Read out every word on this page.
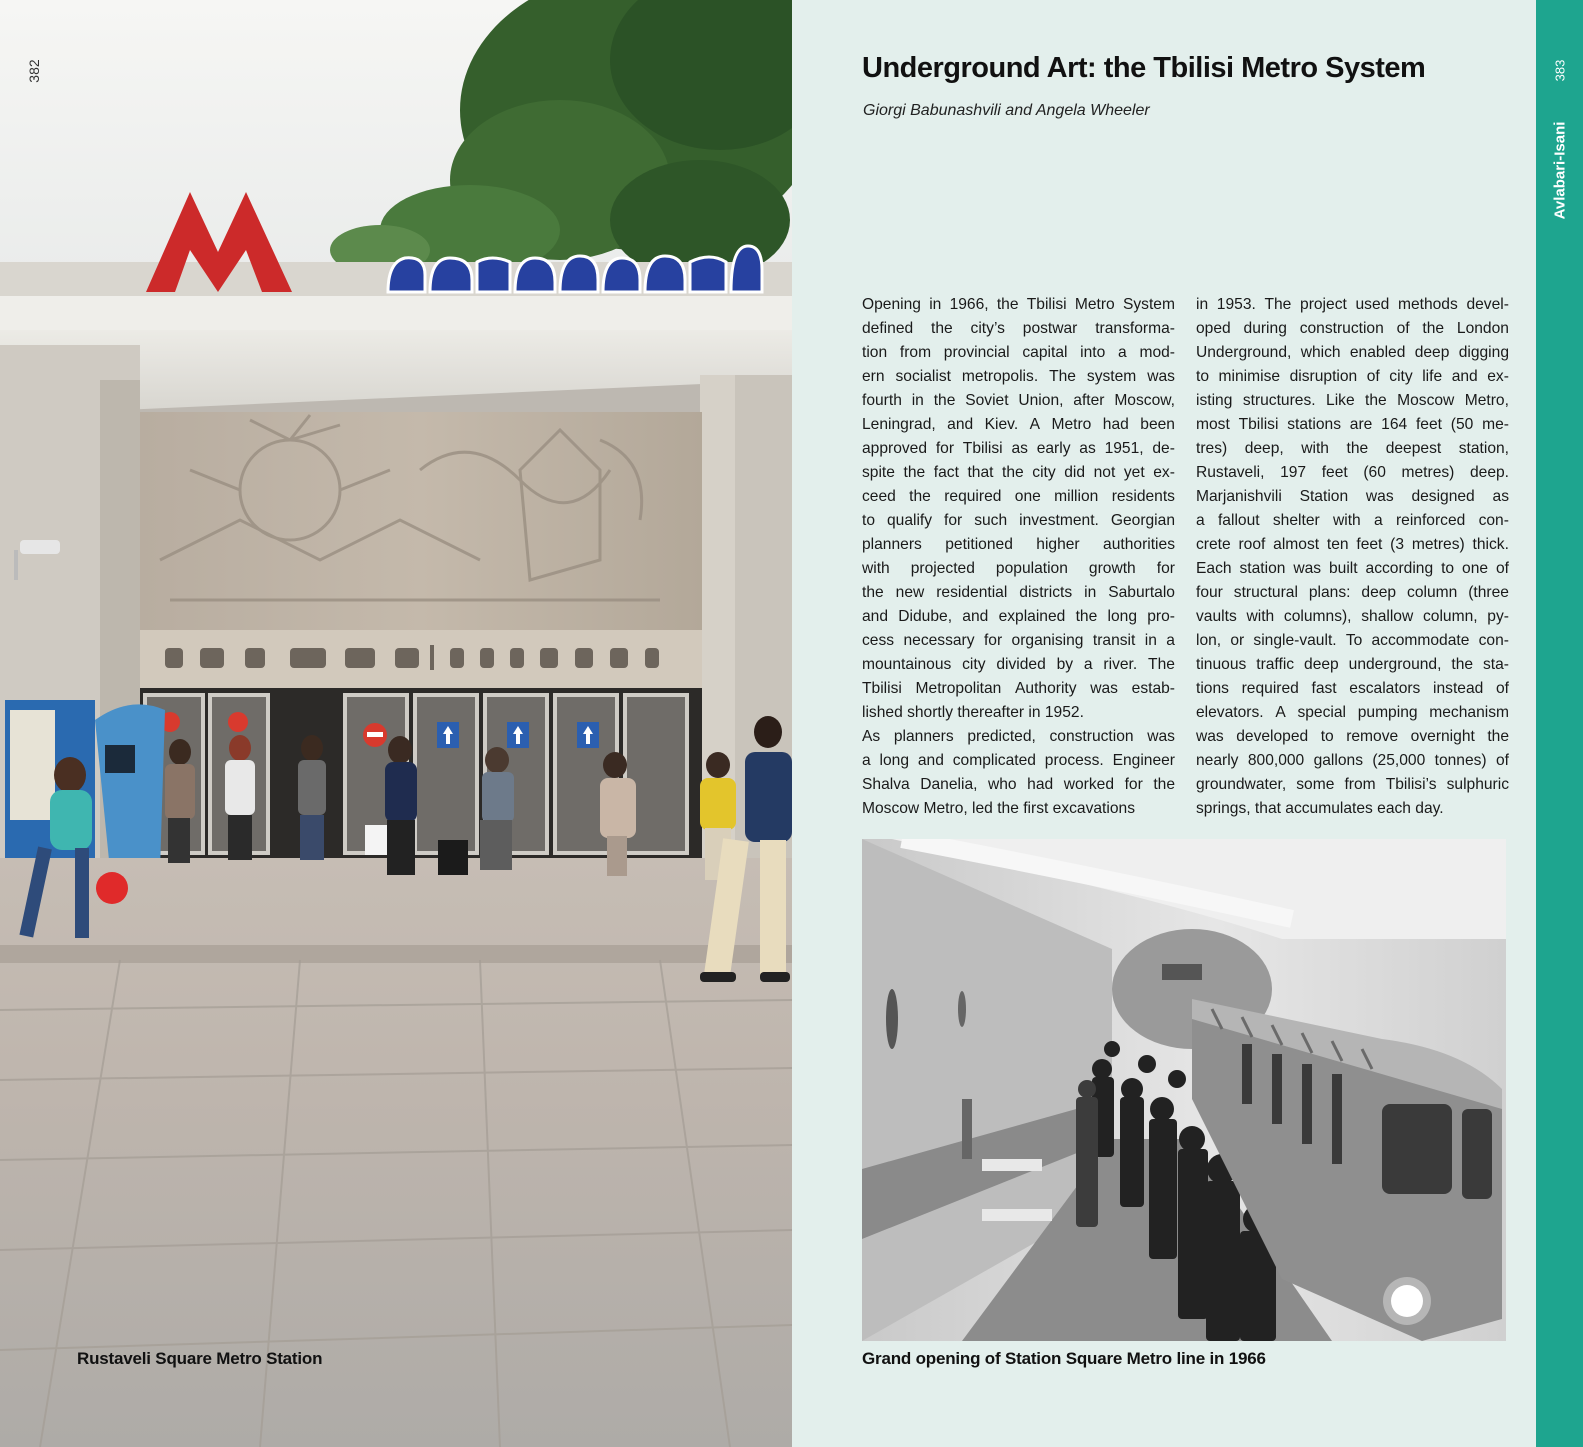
382
Rustaveli Square Metro Station
Underground Art: the Tbilisi Metro System
Giorgi Babunashvili and Angela Wheeler
Opening in 1966, the Tbilisi Metro System
defined the city’s postwar transforma-
tion from provincial capital into a mod-
ern socialist metropolis. The system was
fourth in the Soviet Union, after Moscow,
Leningrad, and Kiev. A Metro had been
approved for Tbilisi as early as 1951, de-
spite the fact that the city did not yet ex-
ceed the required one million residents
to qualify for such investment. Georgian
planners petitioned higher authorities
with projected population growth for
the new residential districts in Saburtalo
and Didube, and explained the long pro-
cess necessary for organising transit in a
mountainous city divided by a river. The
Tbilisi Metropolitan Authority was estab-
lished shortly thereafter in 1952.
As planners predicted, construction was
a long and complicated process. Engineer
Shalva Danelia, who had worked for the
Moscow Metro, led the first excavations
in 1953. The project used methods devel-
oped during construction of the London
Underground, which enabled deep digging
to minimise disruption of city life and ex-
isting structures. Like the Moscow Metro,
most Tbilisi stations are 164 feet (50 me-
tres) deep, with the deepest station,
Rustaveli, 197 feet (60 metres) deep.
Marjanishvili Station was designed as
a fallout shelter with a reinforced con-
crete roof almost ten feet (3 metres) thick.
Each station was built according to one of
four structural plans: deep column (three
vaults with columns), shallow column, py-
lon, or single-vault. To accommodate con-
tinuous traffic deep underground, the sta-
tions required fast escalators instead of
elevators. A special pumping mechanism
was developed to remove overnight the
nearly 800,000 gallons (25,000 tonnes) of
groundwater, some from Tbilisi’s sulphuric
springs, that accumulates each day.
Grand opening of Station Square Metro line in 1966
383
Avlabari-Isani
